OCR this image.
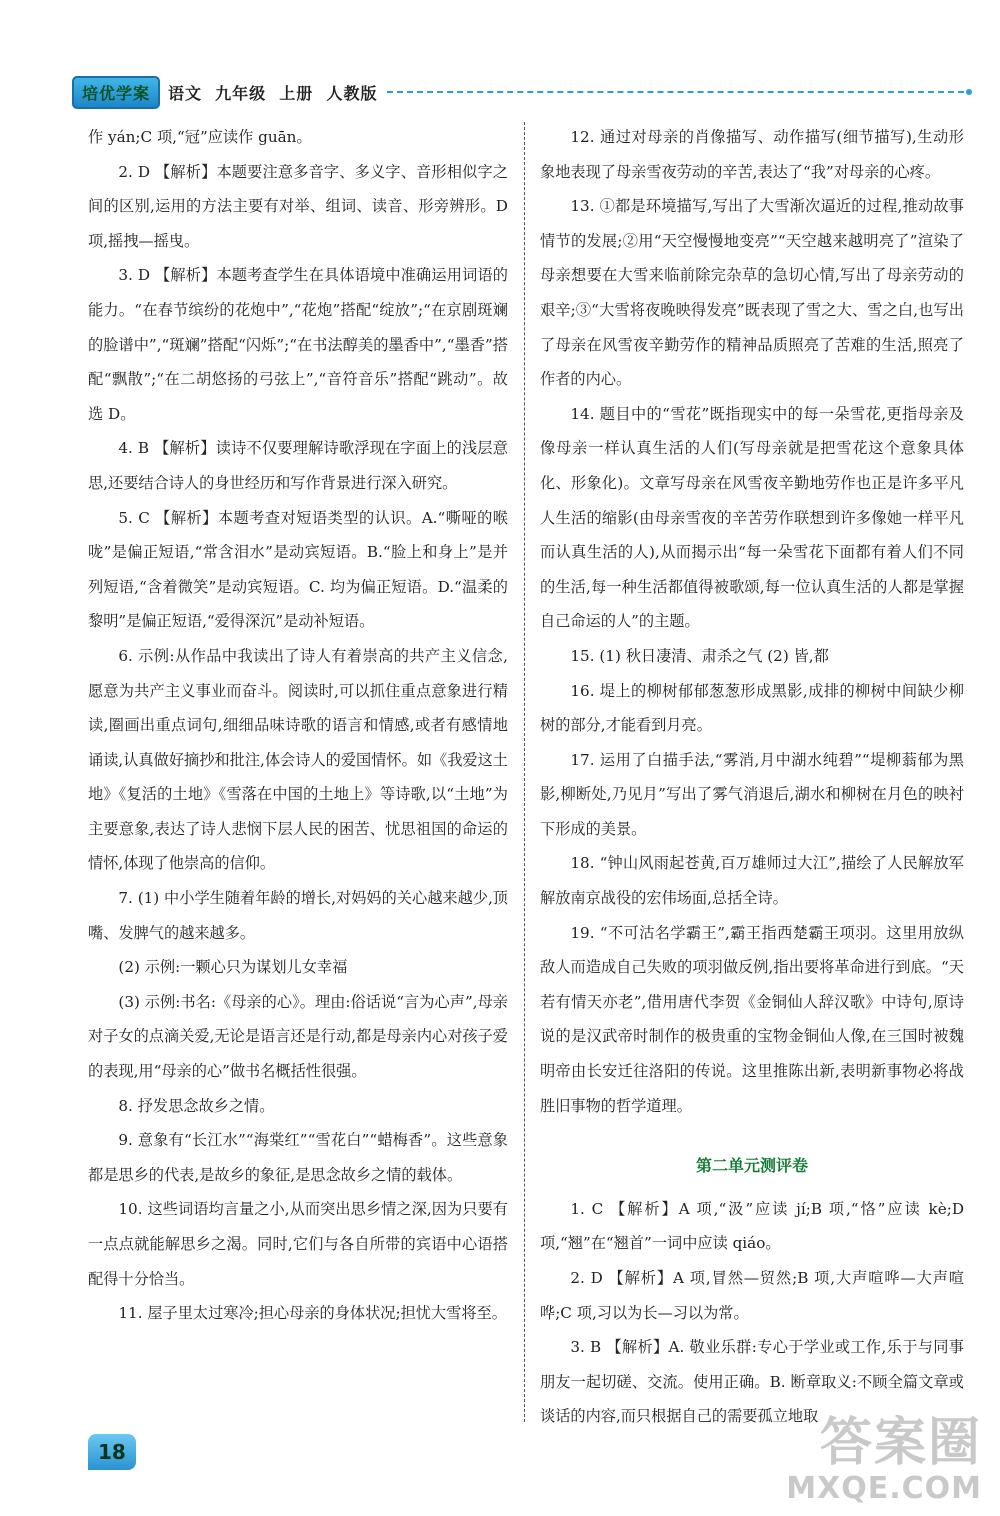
培优学案	语文  九年级  上册  人教版

作 yán;C 项,“冠”应读作 guān。

2. D 【解析】本题要注意多音字、多义字、音形相似字之间的区别,运用的方法主要有对举、组词、读音、形旁辨形。D 项,摇拽—摇曳。

3. D 【解析】本题考查学生在具体语境中准确运用词语的能力。“在春节缤纷的花炮中”,“花炮”搭配“绽放”;“在京剧斑斓的脸谱中”,“斑斓”搭配“闪烁”;“在书法醇美的墨香中”,“墨香”搭配“飘散”;“在二胡悠扬的弓弦上”,“音符音乐”搭配“跳动”。故选 D。

4. B 【解析】读诗不仅要理解诗歌浮现在字面上的浅层意思,还要结合诗人的身世经历和写作背景进行深入研究。

5. C 【解析】本题考查对短语类型的认识。A.“嘶哑的喉咙”是偏正短语,“常含泪水”是动宾短语。B.“脸上和身上”是并列短语,“含着微笑”是动宾短语。C. 均为偏正短语。D.“温柔的黎明”是偏正短语,“爱得深沉”是动补短语。

6. 示例:从作品中我读出了诗人有着崇高的共产主义信念,愿意为共产主义事业而奋斗。阅读时,可以抓住重点意象进行精读,圈画出重点词句,细细品味诗歌的语言和情感,或者有感情地诵读,认真做好摘抄和批注,体会诗人的爱国情怀。如《我爱这土地》《复活的土地》《雪落在中国的土地上》等诗歌,以“土地”为主要意象,表达了诗人悲悯下层人民的困苦、忧思祖国的命运的情怀,体现了他崇高的信仰。

7. (1) 中小学生随着年龄的增长,对妈妈的关心越来越少,顶嘴、发脾气的越来越多。

(2) 示例:一颗心只为谋划儿女幸福

(3) 示例:书名:《母亲的心》。理由:俗话说“言为心声”,母亲对子女的点滴关爱,无论是语言还是行动,都是母亲内心对孩子爱的表现,用“母亲的心”做书名概括性很强。

8. 抒发思念故乡之情。

9. 意象有“长江水”“海棠红”“雪花白”“蜡梅香”。这些意象都是思乡的代表,是故乡的象征,是思念故乡之情的载体。

10. 这些词语均言量之小,从而突出思乡情之深,因为只要有一点点就能解思乡之渴。同时,它们与各自所带的宾语中心语搭配得十分恰当。

11. 屋子里太过寒冷;担心母亲的身体状况;担忧大雪将至。

12. 通过对母亲的肖像描写、动作描写(细节描写),生动形象地表现了母亲雪夜劳动的辛苦,表达了“我”对母亲的心疼。

13. ①都是环境描写,写出了大雪渐次逼近的过程,推动故事情节的发展;②用“天空慢慢地变亮”“天空越来越明亮了”渲染了母亲想要在大雪来临前除完杂草的急切心情,写出了母亲劳动的艰辛;③“大雪将夜晚映得发亮”既表现了雪之大、雪之白,也写出了母亲在风雪夜辛勤劳作的精神品质照亮了苦难的生活,照亮了作者的内心。

14. 题目中的“雪花”既指现实中的每一朵雪花,更指母亲及像母亲一样认真生活的人们(写母亲就是把雪花这个意象具体化、形象化)。文章写母亲在风雪夜辛勤地劳作也正是许多平凡人生活的缩影(由母亲雪夜的辛苦劳作联想到许多像她一样平凡而认真生活的人),从而揭示出“每一朵雪花下面都有着人们不同的生活,每一种生活都值得被歌颂,每一位认真生活的人都是掌握自己命运的人”的主题。

15. (1) 秋日凄清、肃杀之气 (2) 皆,都

16. 堤上的柳树郁郁葱葱形成黑影,成排的柳树中间缺少柳树的部分,才能看到月亮。

17. 运用了白描手法,“雾消,月中湖水纯碧”“堤柳蓊郁为黑影,柳断处,乃见月”写出了雾气消退后,湖水和柳树在月色的映衬下形成的美景。

18. “钟山风雨起苍黄,百万雄师过大江”,描绘了人民解放军解放南京战役的宏伟场面,总括全诗。

19. “不可沽名学霸王”,霸王指西楚霸王项羽。这里用放纵敌人而造成自己失败的项羽做反例,指出要将革命进行到底。“天若有情天亦老”,借用唐代李贺《金铜仙人辞汉歌》中诗句,原诗说的是汉武帝时制作的极贵重的宝物金铜仙人像,在三国时被魏明帝由长安迁往洛阳的传说。这里推陈出新,表明新事物必将战胜旧事物的哲学道理。

第二单元测评卷

1. C 【解析】A 项,“汲”应读 jí;B 项,“恪”应读 kè;D 项,“翘”在“翘首”一词中应读 qiáo。

2. D 【解析】A 项,冒然—贸然;B 项,大声喧哗—大声喧哗;C 项,习以为长—习以为常。

3. B 【解析】A. 敬业乐群:专心于学业或工作,乐于与同事朋友一起切磋、交流。使用正确。B. 断章取义:不顾全篇文章或谈话的内容,而只根据自己的需要孤立地取

18	答案圈
MXQE.COM
